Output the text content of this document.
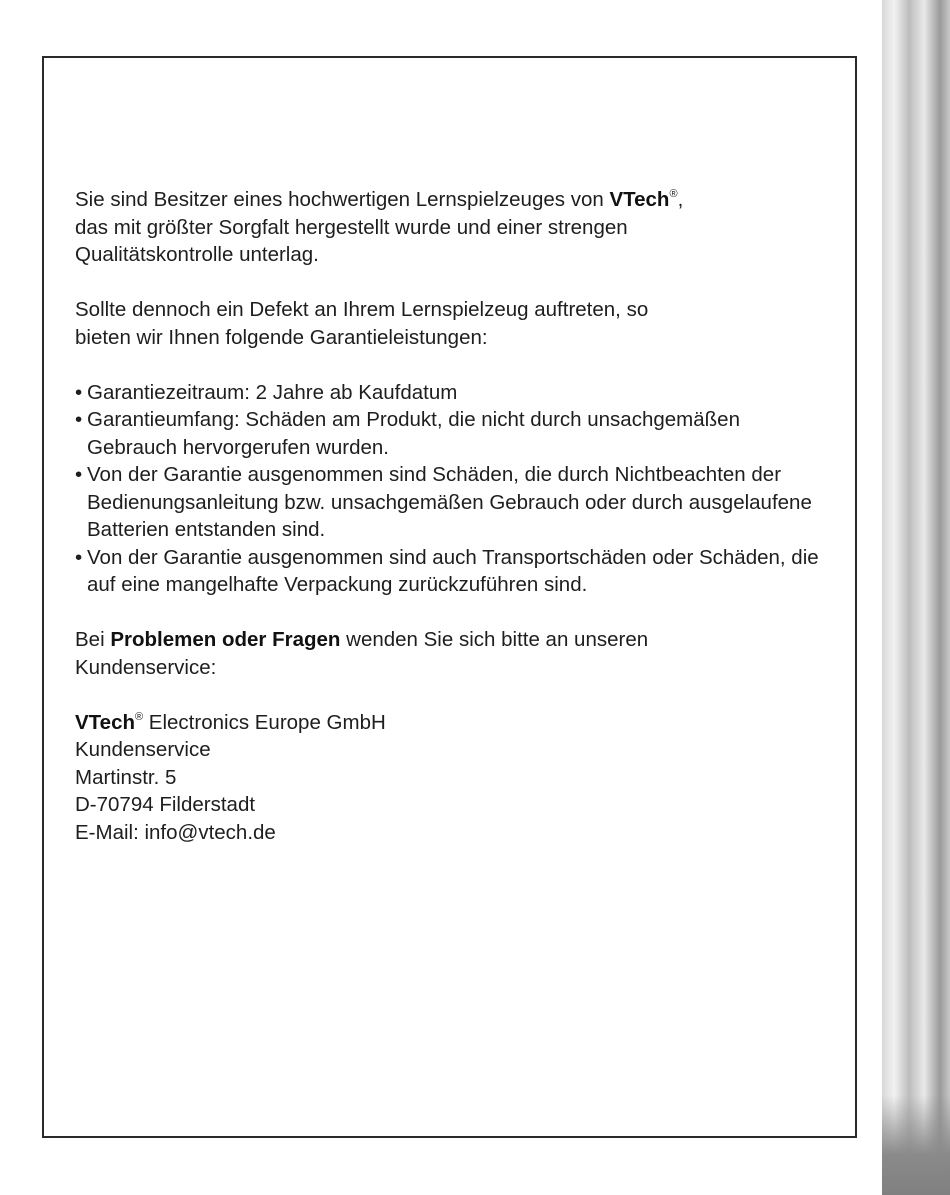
Sie sind Besitzer eines hochwertigen Lernspielzeuges von VTech®,

das mit größter Sorgfalt hergestellt wurde und einer strengen

Qualitätskontrolle unterlag.

Sollte dennoch ein Defekt an Ihrem Lernspielzeug auftreten, so

bieten wir Ihnen folgende Garantieleistungen:

• Garantiezeitraum: 2 Jahre ab Kaufdatum
• Garantieumfang: Schäden am Produkt, die nicht durch unsachgemäßen Gebrauch hervorgerufen wurden.
• Von der Garantie ausgenommen sind Schäden, die durch Nichtbeachten der Bedienungsanleitung bzw. unsachgemäßen Gebrauch oder durch ausgelaufene Batterien entstanden sind.
• Von der Garantie ausgenommen sind auch Transportschäden oder Schäden, die auf eine mangelhafte Verpackung zurückzuführen sind.

Bei Problemen oder Fragen wenden Sie sich bitte an unseren

Kundenservice:

VTech® Electronics Europe GmbH

Kundenservice

Martinstr. 5

D-70794 Filderstadt

E-Mail: info@vtech.de
